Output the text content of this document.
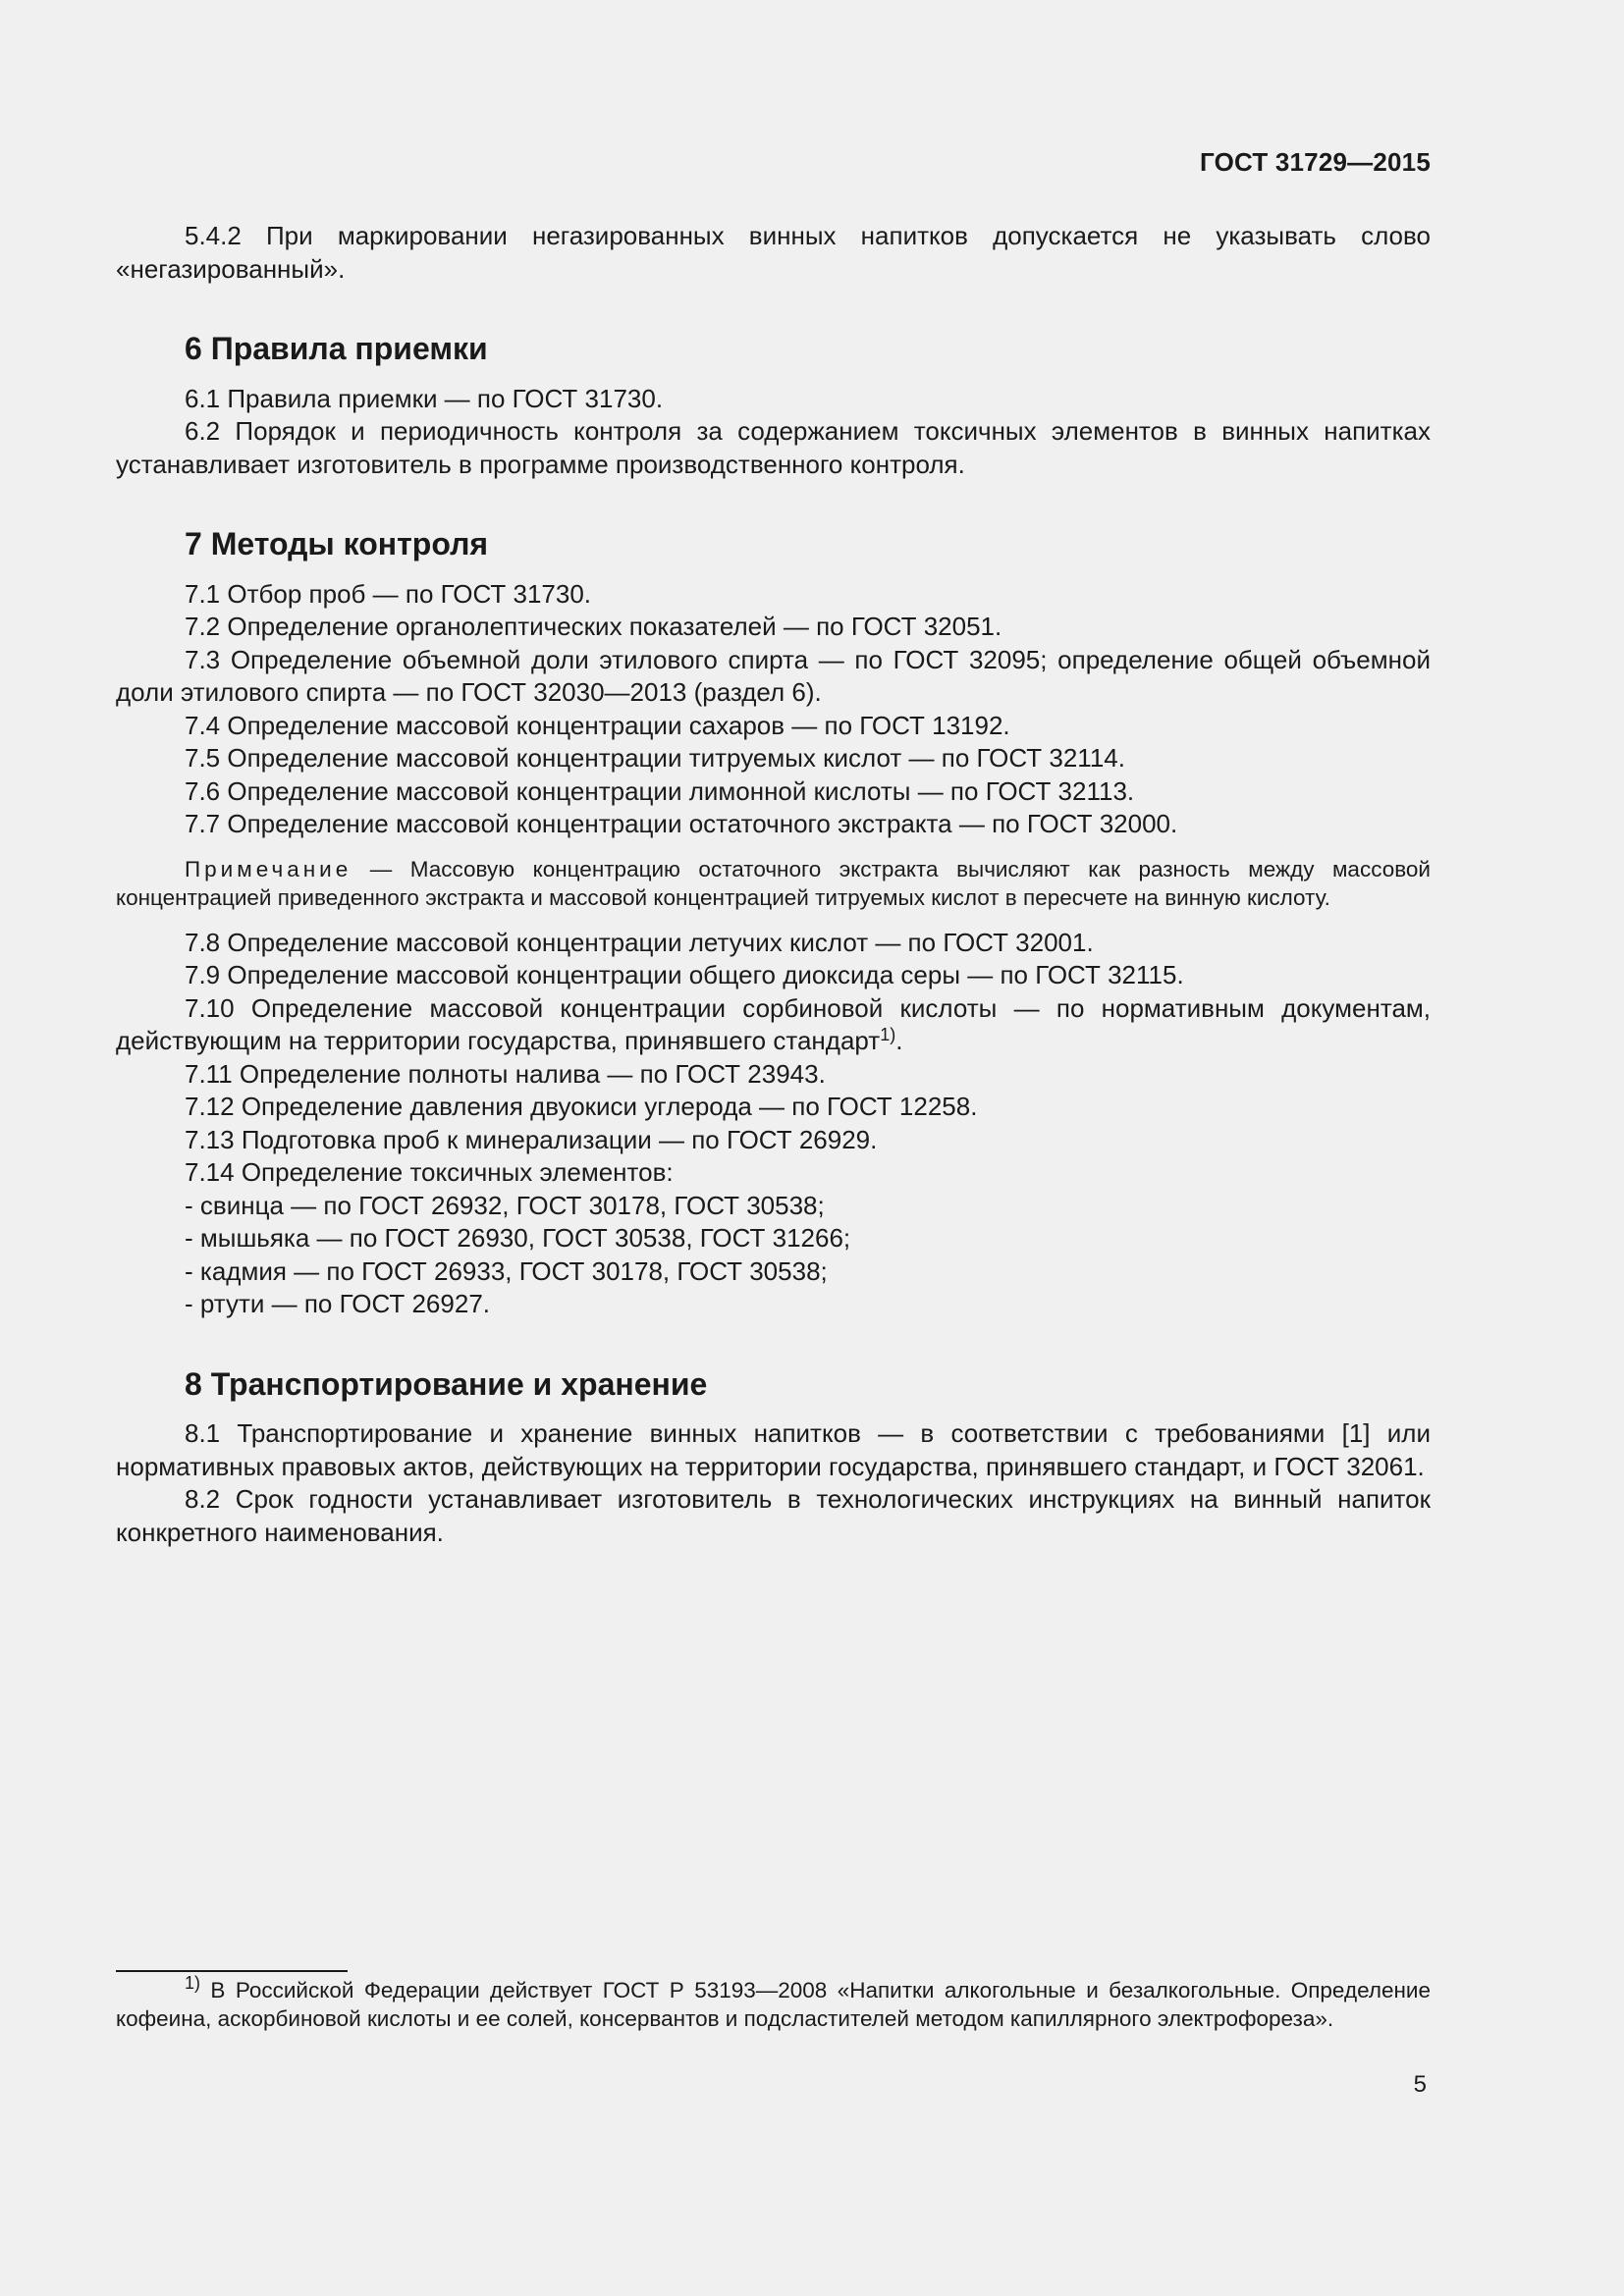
ГОСТ 31729—2015

5.4.2 При маркировании негазированных винных напитков допускается не указывать слово «негазированный».

6 Правила приемки

6.1 Правила приемки — по ГОСТ 31730.

6.2 Порядок и периодичность контроля за содержанием токсичных элементов в винных напитках устанавливает изготовитель в программе производственного контроля.

7 Методы контроля

7.1 Отбор проб — по ГОСТ 31730.

7.2 Определение органолептических показателей — по ГОСТ 32051.

7.3 Определение объемной доли этилового спирта — по ГОСТ 32095; определение общей объемной доли этилового спирта — по ГОСТ 32030—2013 (раздел 6).

7.4 Определение массовой концентрации сахаров — по ГОСТ 13192.

7.5 Определение массовой концентрации титруемых кислот — по ГОСТ 32114.

7.6 Определение массовой концентрации лимонной кислоты — по ГОСТ 32113.

7.7 Определение массовой концентрации остаточного экстракта — по ГОСТ 32000.

Примечание — Массовую концентрацию остаточного экстракта вычисляют как разность между массовой концентрацией приведенного экстракта и массовой концентрацией титруемых кислот в пересчете на винную кислоту.

7.8 Определение массовой концентрации летучих кислот — по ГОСТ 32001.

7.9 Определение массовой концентрации общего диоксида серы — по ГОСТ 32115.

7.10 Определение массовой концентрации сорбиновой кислоты — по нормативным документам, действующим на территории государства, принявшего стандарт$^{1)}$.

7.11 Определение полноты налива — по ГОСТ 23943.

7.12 Определение давления двуокиси углерода — по ГОСТ 12258.

7.13 Подготовка проб к минерализации — по ГОСТ 26929.

7.14 Определение токсичных элементов:

- свинца — по ГОСТ 26932, ГОСТ 30178, ГОСТ 30538;

- мышьяка — по ГОСТ 26930, ГОСТ 30538, ГОСТ 31266;

- кадмия — по ГОСТ 26933, ГОСТ 30178, ГОСТ 30538;

- ртути — по ГОСТ 26927.

8 Транспортирование и хранение

8.1 Транспортирование и хранение винных напитков — в соответствии с требованиями [1] или нормативных правовых актов, действующих на территории государства, принявшего стандарт, и ГОСТ 32061.

8.2 Срок годности устанавливает изготовитель в технологических инструкциях на винный напиток конкретного наименования.

$^{1)}$ В Российской Федерации действует ГОСТ Р 53193—2008 «Напитки алкогольные и безалкогольные. Определение кофеина, аскорбиновой кислоты и ее солей, консервантов и подсластителей методом капиллярного электрофореза».
5
